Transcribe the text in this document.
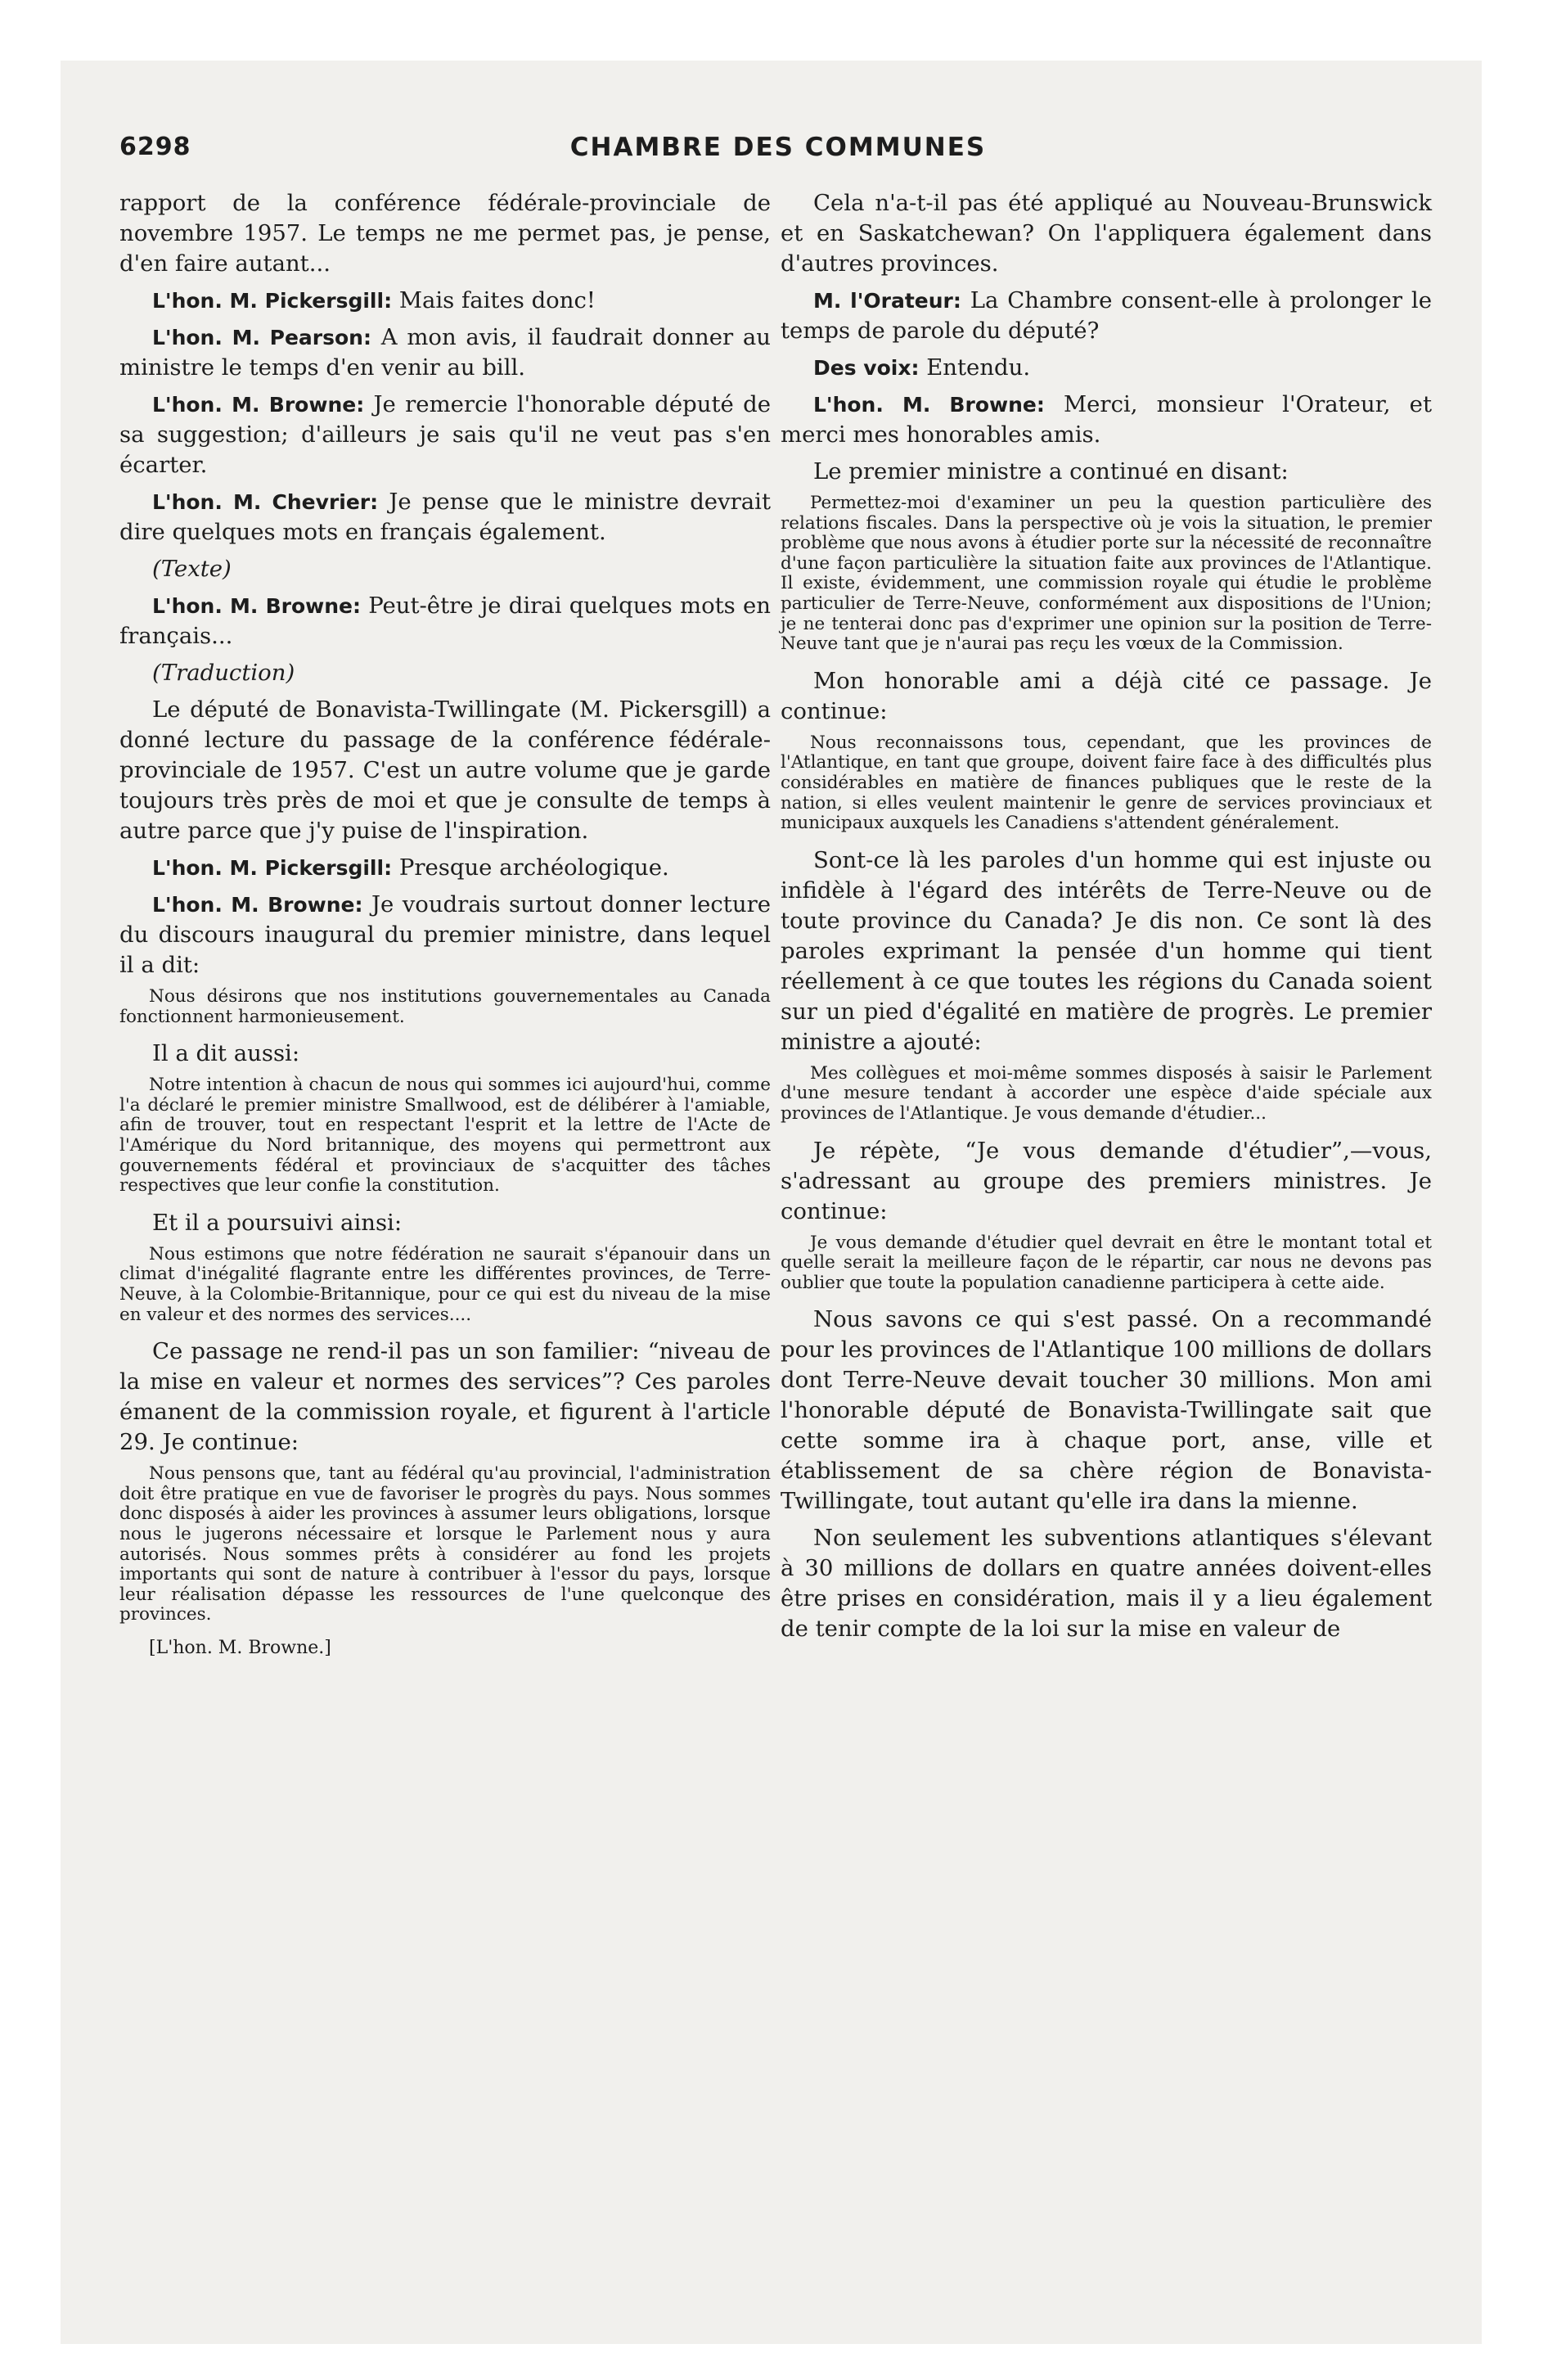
6298	CHAMBRE DES COMMUNES

rapport de la conférence fédérale-provinciale de novembre 1957. Le temps ne me permet pas, je pense, d'en faire autant...

L'hon. M. Pickersgill: Mais faites donc!

L'hon. M. Pearson: A mon avis, il faudrait donner au ministre le temps d'en venir au bill.

L'hon. M. Browne: Je remercie l'honorable député de sa suggestion; d'ailleurs je sais qu'il ne veut pas s'en écarter.

L'hon. M. Chevrier: Je pense que le ministre devrait dire quelques mots en français également.

(Texte)

L'hon. M. Browne: Peut-être je dirai quelques mots en français...

(Traduction)

Le député de Bonavista-Twillingate (M. Pickersgill) a donné lecture du passage de la conférence fédérale-provinciale de 1957. C'est un autre volume que je garde toujours très près de moi et que je consulte de temps à autre parce que j'y puise de l'inspiration.

L'hon. M. Pickersgill: Presque archéologique.

L'hon. M. Browne: Je voudrais surtout donner lecture du discours inaugural du premier ministre, dans lequel il a dit:

Nous désirons que nos institutions gouvernementales au Canada fonctionnent harmonieusement.

Il a dit aussi:

Notre intention à chacun de nous qui sommes ici aujourd'hui, comme l'a déclaré le premier ministre Smallwood, est de délibérer à l'amiable, afin de trouver, tout en respectant l'esprit et la lettre de l'Acte de l'Amérique du Nord britannique, des moyens qui permettront aux gouvernements fédéral et provinciaux de s'acquitter des tâches respectives que leur confie la constitution.

Et il a poursuivi ainsi:

Nous estimons que notre fédération ne saurait s'épanouir dans un climat d'inégalité flagrante entre les différentes provinces, de Terre-Neuve, à la Colombie-Britannique, pour ce qui est du niveau de la mise en valeur et des normes des services....

Ce passage ne rend-il pas un son familier: “niveau de la mise en valeur et normes des services”? Ces paroles émanent de la commission royale, et figurent à l'article 29. Je continue:

Nous pensons que, tant au fédéral qu'au provincial, l'administration doit être pratique en vue de favoriser le progrès du pays. Nous sommes donc disposés à aider les provinces à assumer leurs obligations, lorsque nous le jugerons nécessaire et lorsque le Parlement nous y aura autorisés. Nous sommes prêts à considérer au fond les projets importants qui sont de nature à contribuer à l'essor du pays, lorsque leur réalisation dépasse les ressources de l'une quelconque des provinces.

[L'hon. M. Browne.]

Cela n'a-t-il pas été appliqué au Nouveau-Brunswick et en Saskatchewan? On l'appliquera également dans d'autres provinces.

M. l'Orateur: La Chambre consent-elle à prolonger le temps de parole du député?

Des voix: Entendu.

L'hon. M. Browne: Merci, monsieur l'Orateur, et merci mes honorables amis.

Le premier ministre a continué en disant:

Permettez-moi d'examiner un peu la question particulière des relations fiscales. Dans la perspective où je vois la situation, le premier problème que nous avons à étudier porte sur la nécessité de reconnaître d'une façon particulière la situation faite aux provinces de l'Atlantique. Il existe, évidemment, une commission royale qui étudie le problème particulier de Terre-Neuve, conformément aux dispositions de l'Union; je ne tenterai donc pas d'exprimer une opinion sur la position de Terre-Neuve tant que je n'aurai pas reçu les vœux de la Commission.

Mon honorable ami a déjà cité ce passage. Je continue:

Nous reconnaissons tous, cependant, que les provinces de l'Atlantique, en tant que groupe, doivent faire face à des difficultés plus considérables en matière de finances publiques que le reste de la nation, si elles veulent maintenir le genre de services provinciaux et municipaux auxquels les Canadiens s'attendent généralement.

Sont-ce là les paroles d'un homme qui est injuste ou infidèle à l'égard des intérêts de Terre-Neuve ou de toute province du Canada? Je dis non. Ce sont là des paroles exprimant la pensée d'un homme qui tient réellement à ce que toutes les régions du Canada soient sur un pied d'égalité en matière de progrès. Le premier ministre a ajouté:

Mes collègues et moi-même sommes disposés à saisir le Parlement d'une mesure tendant à accorder une espèce d'aide spéciale aux provinces de l'Atlantique. Je vous demande d'étudier...

Je répète, “Je vous demande d'étudier”,—vous, s'adressant au groupe des premiers ministres. Je continue:

Je vous demande d'étudier quel devrait en être le montant total et quelle serait la meilleure façon de le répartir, car nous ne devons pas oublier que toute la population canadienne participera à cette aide.

Nous savons ce qui s'est passé. On a recommandé pour les provinces de l'Atlantique 100 millions de dollars dont Terre-Neuve devait toucher 30 millions. Mon ami l'honorable député de Bonavista-Twillingate sait que cette somme ira à chaque port, anse, ville et établissement de sa chère région de Bonavista-Twillingate, tout autant qu'elle ira dans la mienne.

Non seulement les subventions atlantiques s'élevant à 30 millions de dollars en quatre années doivent-elles être prises en considération, mais il y a lieu également de tenir compte de la loi sur la mise en valeur de
